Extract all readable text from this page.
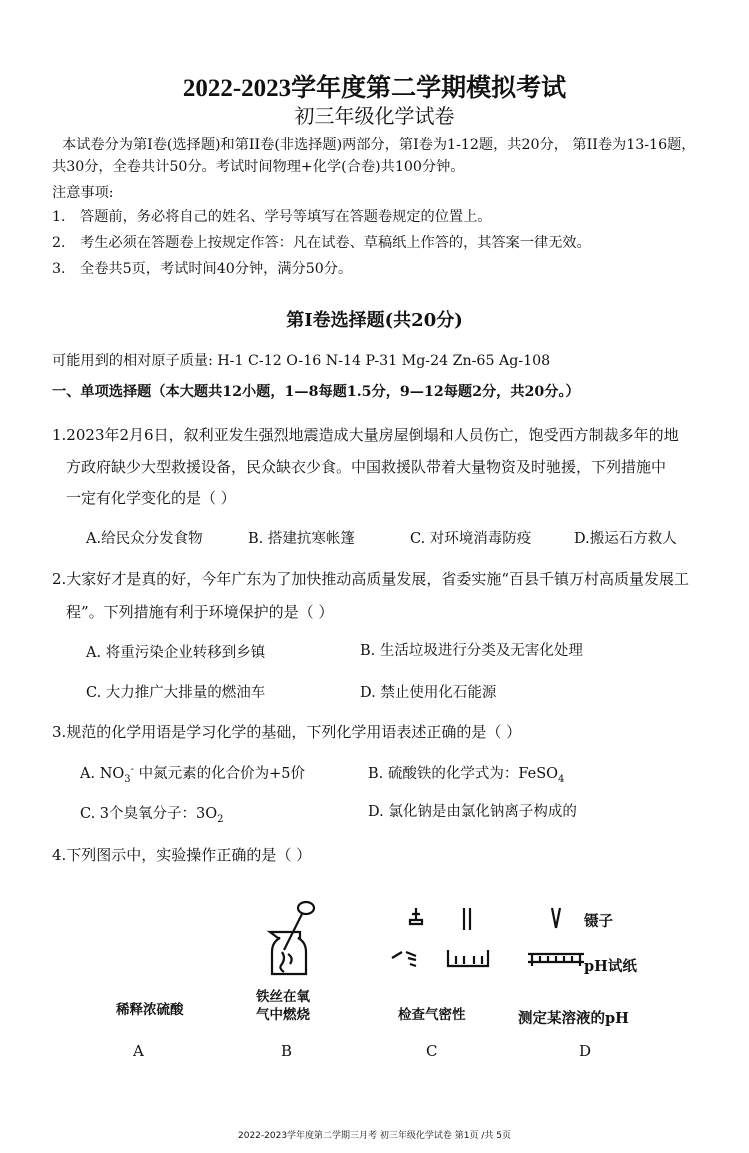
2022-2023学年度第二学期模拟考试
初三年级化学试卷
本试卷分为第I卷(选择题)和第II卷(非选择题)两部分，第I卷为1-12题，共20分， 第II卷为13-16题，
共30分，全卷共计50分。考试时间物理+化学(合卷)共100分钟。
注意事项:
1. 答题前，务必将自己的姓名、学号等填写在答题卷规定的位置上。
2. 考生必须在答题卷上按规定作答：凡在试卷、草稿纸上作答的，其答案一律无效。
3. 全卷共5页，考试时间40分钟，满分50分。
第I卷选择题(共20分)
可能用到的相对原子质量: H-1 C-12 O-16 N-14 P-31 Mg-24 Zn-65 Ag-108
一、单项选择题（本大题共12小题，1—8每题1.5分，9—12每题2分，共20分。）
1.2023年2月6日，叙利亚发生强烈地震造成大量房屋倒塌和人员伤亡，饱受西方制裁多年的地
方政府缺少大型救援设备，民众缺衣少食。中国救援队带着大量物资及时驰援，下列措施中
一定有化学变化的是（ ）
A.给民众分发食物	B. 搭建抗寒帐篷	C. 对环境消毒防疫	D.搬运石方救人
2.大家好才是真的好，今年广东为了加快推动高质量发展，省委实施“百县千镇万村高质量发展工
程”。下列措施有利于环境保护的是（ ）
A. 将重污染企业转移到乡镇	B. 生活垃圾进行分类及无害化处理
C. 大力推广大排量的燃油车	D. 禁止使用化石能源
3.规范的化学用语是学习化学的基础，下列化学用语表述正确的是（ ）
A. $NO_3^-$ 中氮元素的化合价为+5价	B. 硫酸铁的化学式为：FeSO$_4$
C. 3个臭氧分子：$3O_2$	D. 氯化钠是由氯化钠离子构成的
4.下列图示中，实验操作正确的是（ ）
镊子
pH试纸
稀释浓硫酸
铁丝在氧
气中燃烧	检查气密性	测定某溶液的pH
A	B	C	D
2022-2023学年度第二学期三月考 初三年级化学试卷 第1页 /共 5页
